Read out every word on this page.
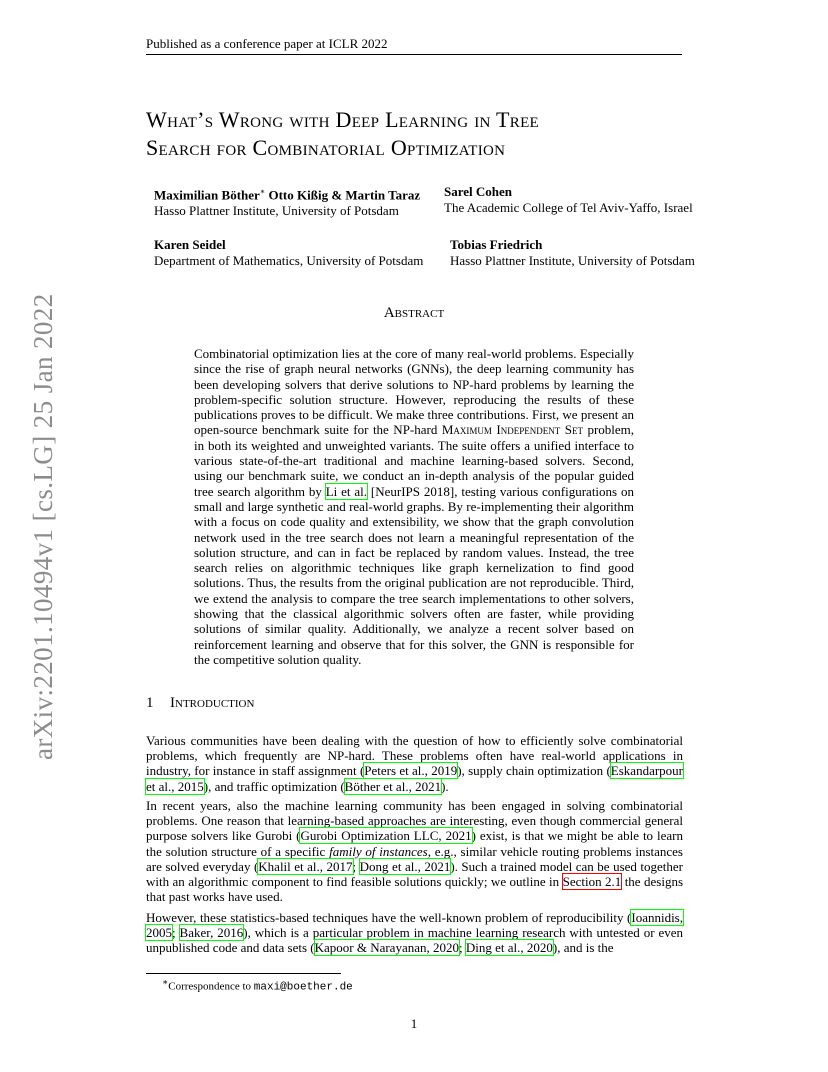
Published as a conference paper at ICLR 2022
What’s Wrong with Deep Learning in Tree
Search for Combinatorial Optimization
arXiv:2201.10494v1 [cs.LG] 25 Jan 2022
Maximilian Böther∗ Otto Kißig & Martin Taraz
Hasso Plattner Institute, University of Potsdam
Sarel Cohen
The Academic College of Tel Aviv-Yaffo, Israel
Karen Seidel
Department of Mathematics, University of Potsdam
Tobias Friedrich
Hasso Plattner Institute, University of Potsdam
Abstract
Combinatorial optimization lies at the core of many real-world problems. Especially since the rise of graph neural networks (GNNs), the deep learning community has been developing solvers that derive solutions to NP-hard problems by learning the problem-specific solution structure. However, reproducing the results of these publications proves to be difficult. We make three contributions. First, we present an open-source benchmark suite for the NP-hard Maximum Independent Set problem, in both its weighted and unweighted variants. The suite offers a unified interface to various state-of-the-art traditional and machine learning-based solvers. Second, using our benchmark suite, we conduct an in-depth analysis of the popular guided tree search algorithm by Li et al. [NeurIPS 2018], testing various configurations on small and large synthetic and real-world graphs. By re-implementing their algorithm with a focus on code quality and extensibility, we show that the graph convolution network used in the tree search does not learn a meaningful representation of the solution structure, and can in fact be replaced by random values. Instead, the tree search relies on algorithmic techniques like graph kernelization to find good solutions. Thus, the results from the original publication are not reproducible. Third, we extend the analysis to compare the tree search implementations to other solvers, showing that the classical algorithmic solvers often are faster, while providing solutions of similar quality. Additionally, we analyze a recent solver based on reinforcement learning and observe that for this solver, the GNN is responsible for the competitive solution quality.
1 Introduction
Various communities have been dealing with the question of how to efficiently solve combinatorial problems, which frequently are NP-hard. These problems often have real-world applications in industry, for instance in staff assignment (Peters et al., 2019), supply chain optimization (Eskandarpour et al., 2015), and traffic optimization (Böther et al., 2021).
In recent years, also the machine learning community has been engaged in solving combinatorial problems. One reason that learning-based approaches are interesting, even though commercial general purpose solvers like Gurobi (Gurobi Optimization LLC, 2021) exist, is that we might be able to learn the solution structure of a specific family of instances, e.g., similar vehicle routing problems instances are solved everyday (Khalil et al., 2017; Dong et al., 2021). Such a trained model can be used together with an algorithmic component to find feasible solutions quickly; we outline in Section 2.1 the designs that past works have used.
However, these statistics-based techniques have the well-known problem of reproducibility (Ioannidis, 2005; Baker, 2016), which is a particular problem in machine learning research with untested or even unpublished code and data sets (Kapoor & Narayanan, 2020; Ding et al., 2020), and is the
∗Correspondence to maxi@boether.de
1
